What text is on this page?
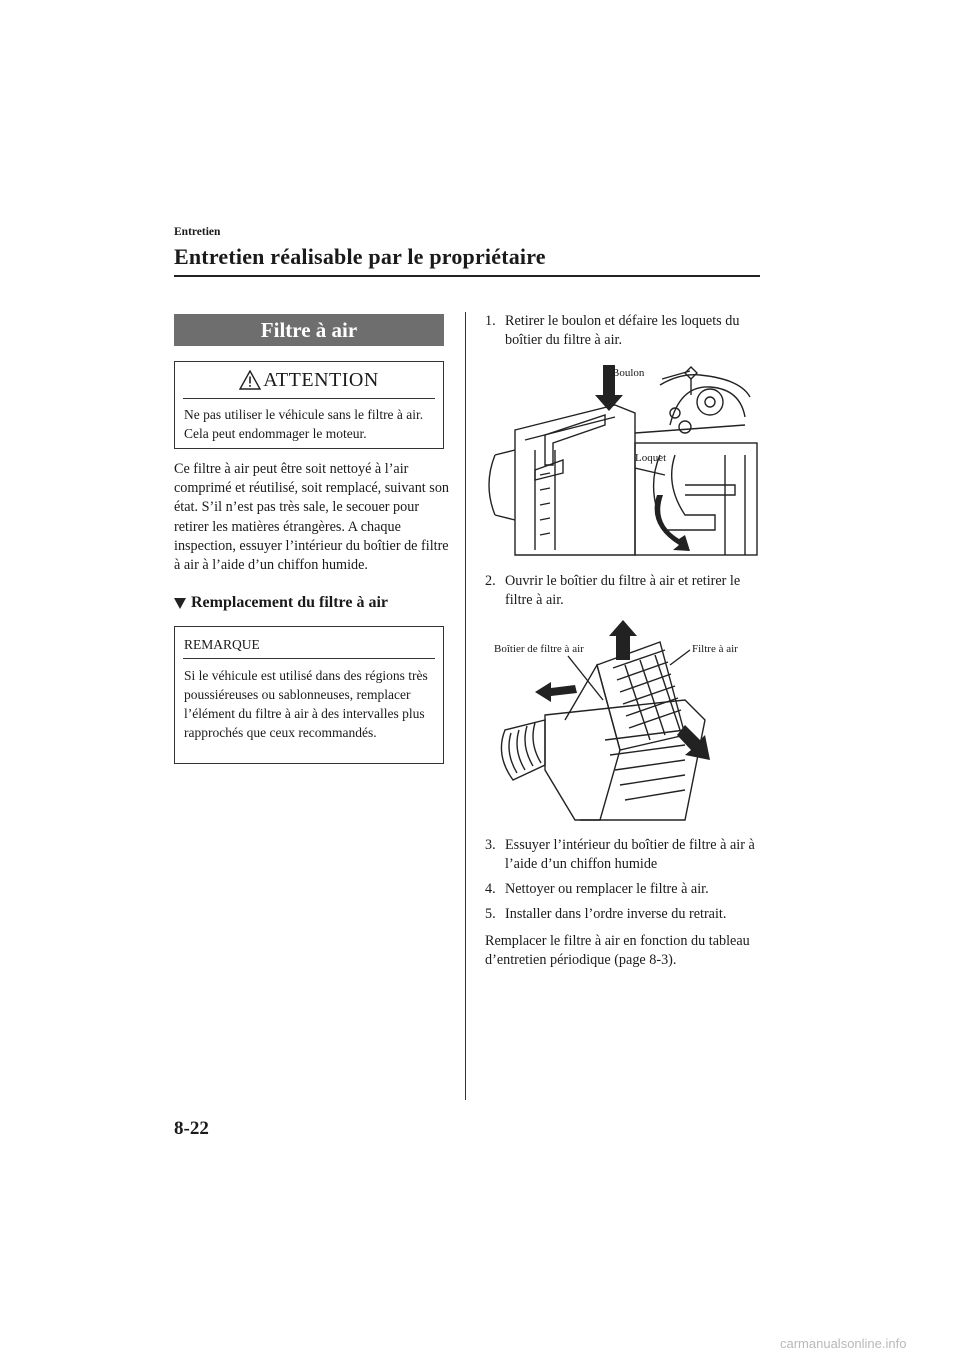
Entretien
Entretien réalisable par le propriétaire
Filtre à air
ATTENTION
Ne pas utiliser le véhicule sans le filtre à air. Cela peut endommager le moteur.
Ce filtre à air peut être soit nettoyé à l’air comprimé et réutilisé, soit remplacé, suivant son état. S’il n’est pas très sale, le secouer pour retirer les matières étrangères. A chaque inspection, essuyer l’intérieur du boîtier de filtre à air à l’aide d’un chiffon humide.
Remplacement du filtre à air
REMARQUE
Si le véhicule est utilisé dans des régions très poussiéreuses ou sablonneuses, remplacer l’élément du filtre à air à des intervalles plus rapprochés que ceux recommandés.
1. Retirer le boulon et défaire les loquets du boîtier du filtre à air.
Boulon
Loquet
2. Ouvrir le boîtier du filtre à air et retirer le filtre à air.
Boîtier de filtre à air	Filtre à air
3. Essuyer l’intérieur du boîtier de filtre à air à l’aide d’un chiffon humide
4. Nettoyer ou remplacer le filtre à air.
5. Installer dans l’ordre inverse du retrait.
Remplacer le filtre à air en fonction du tableau d’entretien périodique (page 8-3).
8-22
carmanualsonline.info
